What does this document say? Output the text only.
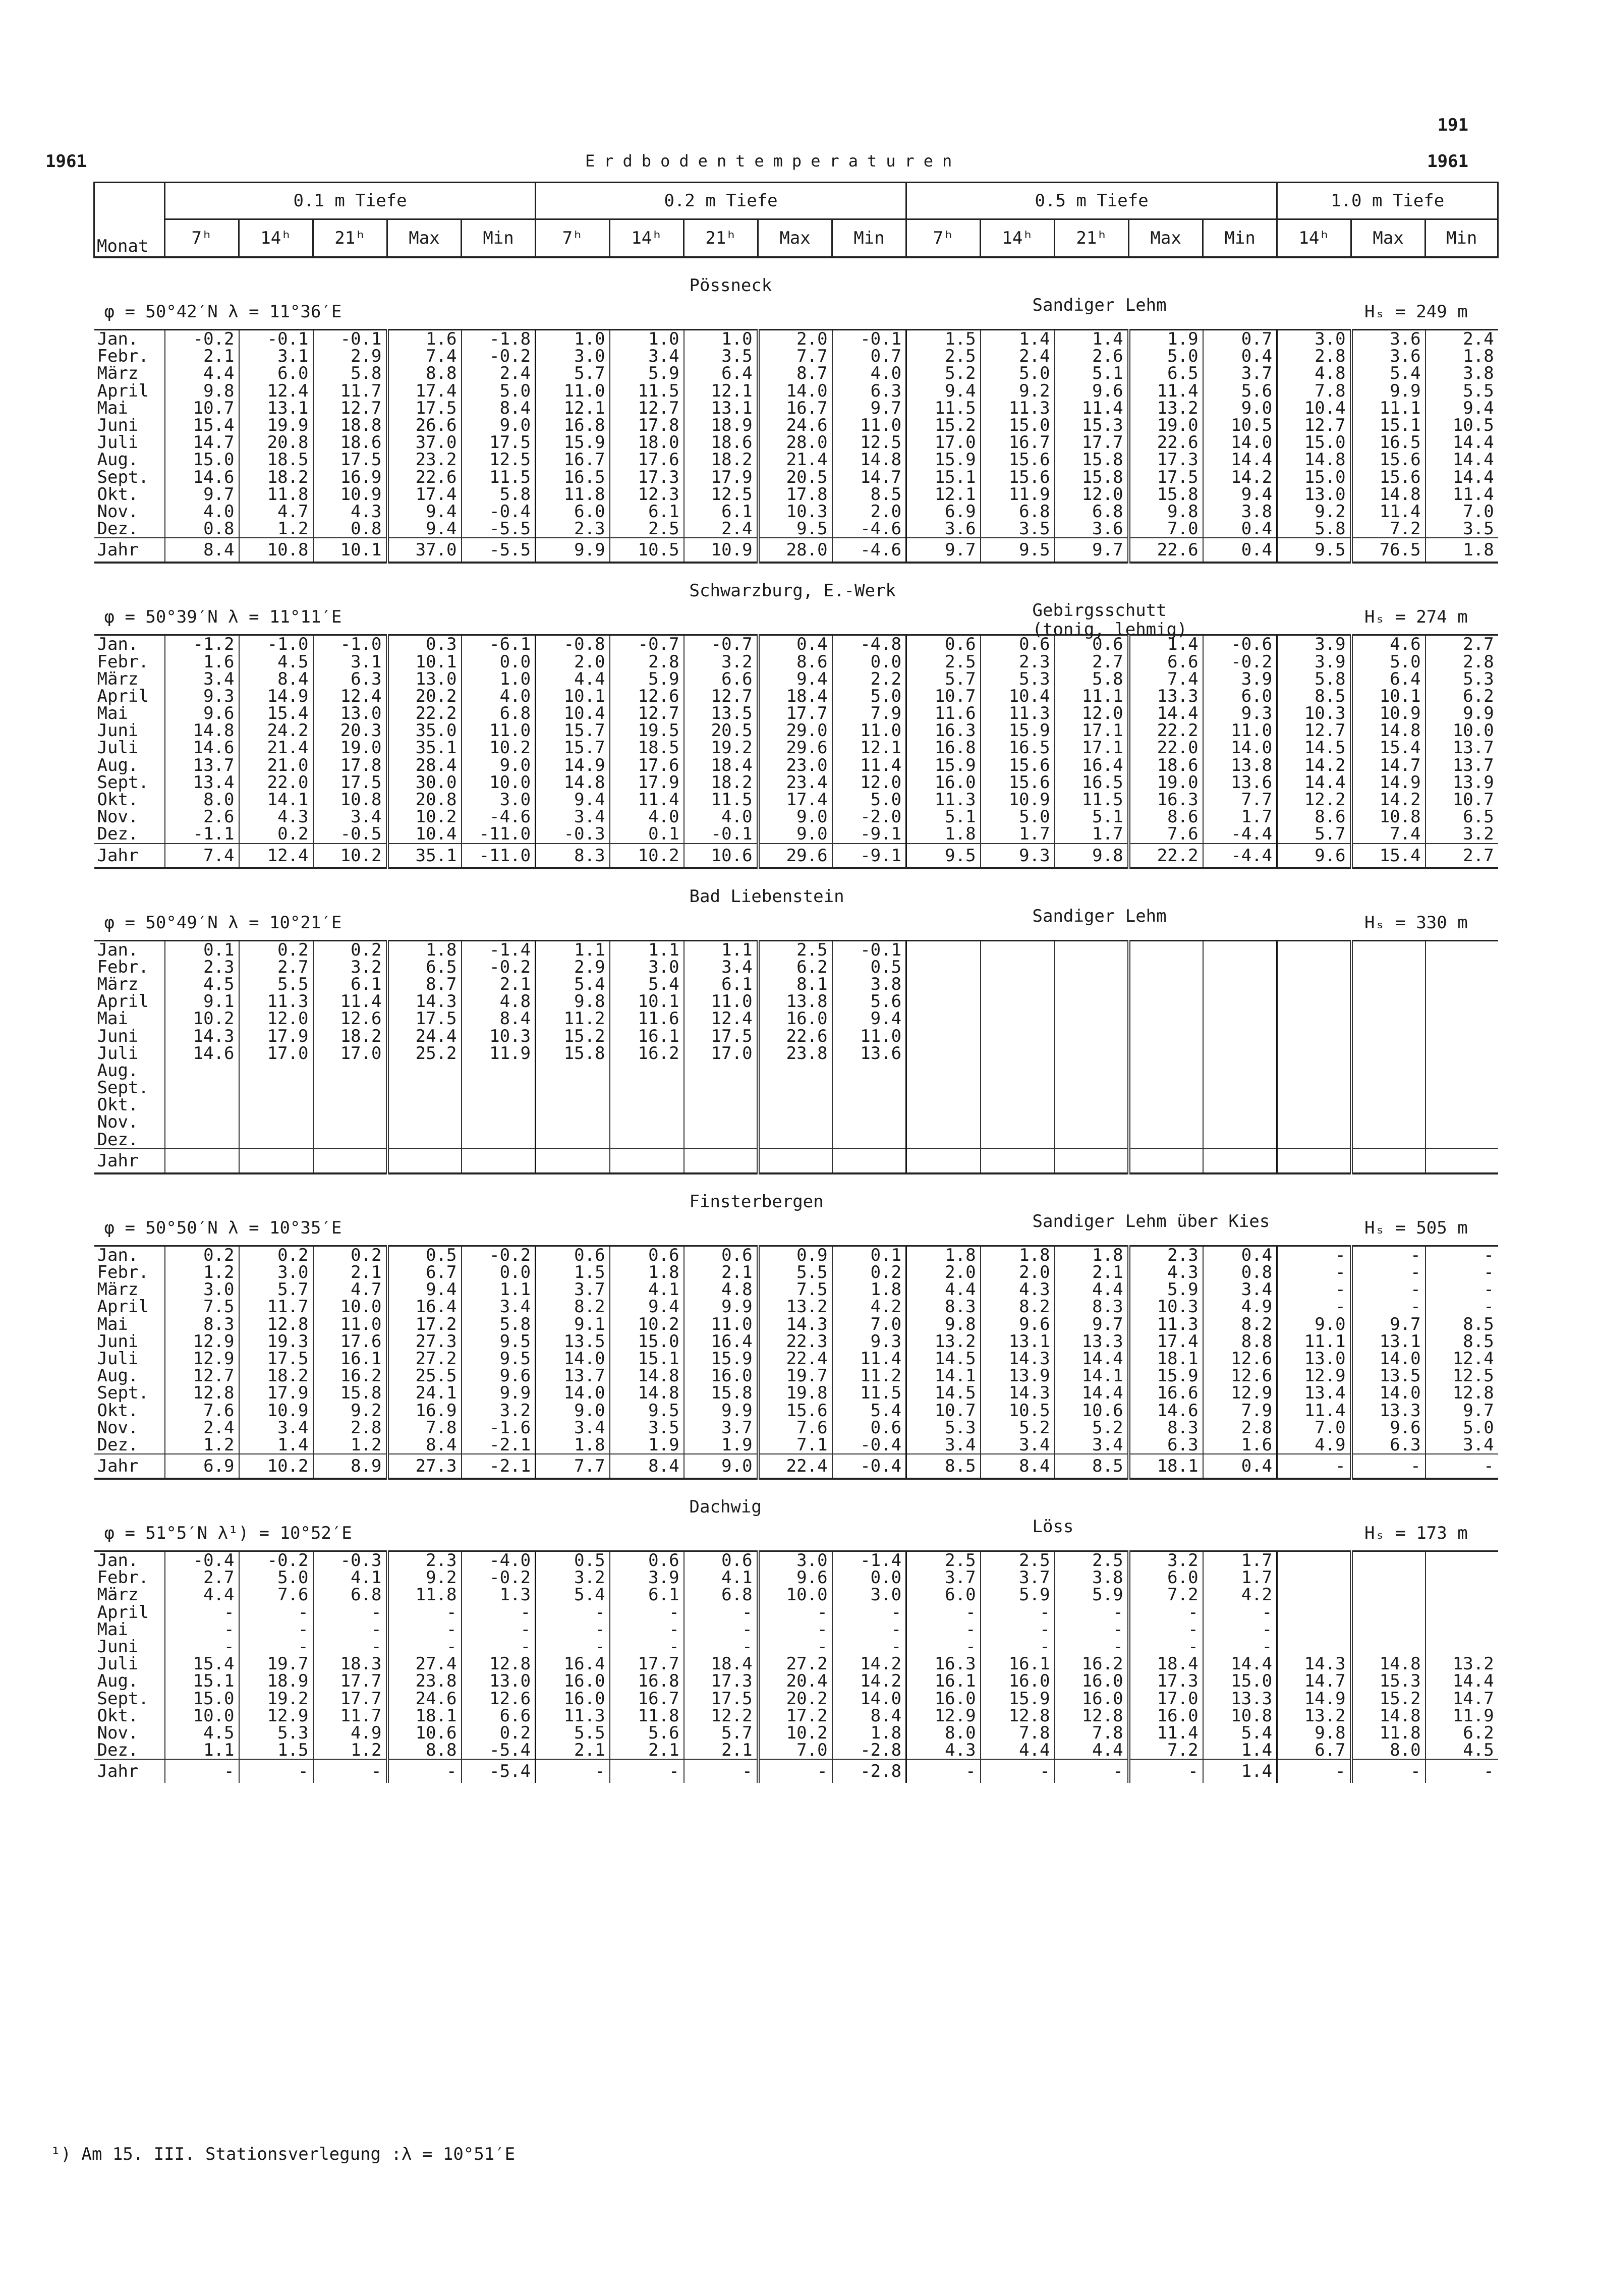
191
1961	Erdbodentemperaturen	1961
Monat	0.1 m Tiefe					0.2 m Tiefe					0.5 m Tiefe					1.0 m Tiefe		
	7ʰ	14ʰ	21ʰ	Max	Min	7ʰ	14ʰ	21ʰ	Max	Min	7ʰ	14ʰ	21ʰ	Max	Min	14ʰ	Max	Min

Pössneck
φ = 50°42′N λ = 11°36′E Sandiger Lehm Hₛ = 249 m																		

Jan.	-0.2	-0.1	-0.1	1.6	-1.8	1.0	1.0	1.0	2.0	-0.1	1.5	1.4	1.4	1.9	0.7	3.0	3.6	2.4
Febr.	2.1	3.1	2.9	7.4	-0.2	3.0	3.4	3.5	7.7	0.7	2.5	2.4	2.6	5.0	0.4	2.8	3.6	1.8
März	4.4	6.0	5.8	8.8	2.4	5.7	5.9	6.4	8.7	4.0	5.2	5.0	5.1	6.5	3.7	4.8	5.4	3.8
April	9.8	12.4	11.7	17.4	5.0	11.0	11.5	12.1	14.0	6.3	9.4	9.2	9.6	11.4	5.6	7.8	9.9	5.5
Mai	10.7	13.1	12.7	17.5	8.4	12.1	12.7	13.1	16.7	9.7	11.5	11.3	11.4	13.2	9.0	10.4	11.1	9.4
Juni	15.4	19.9	18.8	26.6	9.0	16.8	17.8	18.9	24.6	11.0	15.2	15.0	15.3	19.0	10.5	12.7	15.1	10.5
Juli	14.7	20.8	18.6	37.0	17.5	15.9	18.0	18.6	28.0	12.5	17.0	16.7	17.7	22.6	14.0	15.0	16.5	14.4
Aug.	15.0	18.5	17.5	23.2	12.5	16.7	17.6	18.2	21.4	14.8	15.9	15.6	15.8	17.3	14.4	14.8	15.6	14.4
Sept.	14.6	18.2	16.9	22.6	11.5	16.5	17.3	17.9	20.5	14.7	15.1	15.6	15.8	17.5	14.2	15.0	15.6	14.4
Okt.	9.7	11.8	10.9	17.4	5.8	11.8	12.3	12.5	17.8	8.5	12.1	11.9	12.0	15.8	9.4	13.0	14.8	11.4
Nov.	4.0	4.7	4.3	9.4	-0.4	6.0	6.1	6.1	10.3	2.0	6.9	6.8	6.8	9.8	3.8	9.2	11.4	7.0
Dez.	0.8	1.2	0.8	9.4	-5.5	2.3	2.5	2.4	9.5	-4.6	3.6	3.5	3.6	7.0	0.4	5.8	7.2	3.5
Jahr	8.4	10.8	10.1	37.0	-5.5	9.9	10.5	10.9	28.0	-4.6	9.7	9.5	9.7	22.6	0.4	9.5	76.5	1.8

Schwarzburg, E.-Werk
φ = 50°39′N λ = 11°11′E Gebirgsschutt
(tonig, lehmig)
Hₛ = 274 m																		

Jan.	-1.2	-1.0	-1.0	0.3	-6.1	-0.8	-0.7	-0.7	0.4	-4.8	0.6	0.6	0.6	1.4	-0.6	3.9	4.6	2.7
Febr.	1.6	4.5	3.1	10.1	0.0	2.0	2.8	3.2	8.6	0.0	2.5	2.3	2.7	6.6	-0.2	3.9	5.0	2.8
März	3.4	8.4	6.3	13.0	1.0	4.4	5.9	6.6	9.4	2.2	5.7	5.3	5.8	7.4	3.9	5.8	6.4	5.3
April	9.3	14.9	12.4	20.2	4.0	10.1	12.6	12.7	18.4	5.0	10.7	10.4	11.1	13.3	6.0	8.5	10.1	6.2
Mai	9.6	15.4	13.0	22.2	6.8	10.4	12.7	13.5	17.7	7.9	11.6	11.3	12.0	14.4	9.3	10.3	10.9	9.9
Juni	14.8	24.2	20.3	35.0	11.0	15.7	19.5	20.5	29.0	11.0	16.3	15.9	17.1	22.2	11.0	12.7	14.8	10.0
Juli	14.6	21.4	19.0	35.1	10.2	15.7	18.5	19.2	29.6	12.1	16.8	16.5	17.1	22.0	14.0	14.5	15.4	13.7
Aug.	13.7	21.0	17.8	28.4	9.0	14.9	17.6	18.4	23.0	11.4	15.9	15.6	16.4	18.6	13.8	14.2	14.7	13.7
Sept.	13.4	22.0	17.5	30.0	10.0	14.8	17.9	18.2	23.4	12.0	16.0	15.6	16.5	19.0	13.6	14.4	14.9	13.9
Okt.	8.0	14.1	10.8	20.8	3.0	9.4	11.4	11.5	17.4	5.0	11.3	10.9	11.5	16.3	7.7	12.2	14.2	10.7
Nov.	2.6	4.3	3.4	10.2	-4.6	3.4	4.0	4.0	9.0	-2.0	5.1	5.0	5.1	8.6	1.7	8.6	10.8	6.5
Dez.	-1.1	0.2	-0.5	10.4	-11.0	-0.3	0.1	-0.1	9.0	-9.1	1.8	1.7	1.7	7.6	-4.4	5.7	7.4	3.2
Jahr	7.4	12.4	10.2	35.1	-11.0	8.3	10.2	10.6	29.6	-9.1	9.5	9.3	9.8	22.2	-4.4	9.6	15.4	2.7

Bad Liebenstein
φ = 50°49′N λ = 10°21′E Sandiger Lehm Hₛ = 330 m																		

Jan.	0.1	0.2	0.2	1.8	-1.4	1.1	1.1	1.1	2.5	-0.1								
Febr.	2.3	2.7	3.2	6.5	-0.2	2.9	3.0	3.4	6.2	0.5								
März	4.5	5.5	6.1	8.7	2.1	5.4	5.4	6.1	8.1	3.8								
April	9.1	11.3	11.4	14.3	4.8	9.8	10.1	11.0	13.8	5.6								
Mai	10.2	12.0	12.6	17.5	8.4	11.2	11.6	12.4	16.0	9.4								
Juni	14.3	17.9	18.2	24.4	10.3	15.2	16.1	17.5	22.6	11.0								
Juli	14.6	17.0	17.0	25.2	11.9	15.8	16.2	17.0	23.8	13.6								
Aug.																		
Sept.																		
Okt.																		
Nov.																		
Dez.																		
Jahr																		

Finsterbergen
φ = 50°50′N λ = 10°35′E Sandiger Lehm über Kies Hₛ = 505 m																		

Jan.	0.2	0.2	0.2	0.5	-0.2	0.6	0.6	0.6	0.9	0.1	1.8	1.8	1.8	2.3	0.4	-	-	-
Febr.	1.2	3.0	2.1	6.7	0.0	1.5	1.8	2.1	5.5	0.2	2.0	2.0	2.1	4.3	0.8	-	-	-
März	3.0	5.7	4.7	9.4	1.1	3.7	4.1	4.8	7.5	1.8	4.4	4.3	4.4	5.9	3.4	-	-	-
April	7.5	11.7	10.0	16.4	3.4	8.2	9.4	9.9	13.2	4.2	8.3	8.2	8.3	10.3	4.9	-	-	-
Mai	8.3	12.8	11.0	17.2	5.8	9.1	10.2	11.0	14.3	7.0	9.8	9.6	9.7	11.3	8.2	9.0	9.7	8.5
Juni	12.9	19.3	17.6	27.3	9.5	13.5	15.0	16.4	22.3	9.3	13.2	13.1	13.3	17.4	8.8	11.1	13.1	8.5
Juli	12.9	17.5	16.1	27.2	9.5	14.0	15.1	15.9	22.4	11.4	14.5	14.3	14.4	18.1	12.6	13.0	14.0	12.4
Aug.	12.7	18.2	16.2	25.5	9.6	13.7	14.8	16.0	19.7	11.2	14.1	13.9	14.1	15.9	12.6	12.9	13.5	12.5
Sept.	12.8	17.9	15.8	24.1	9.9	14.0	14.8	15.8	19.8	11.5	14.5	14.3	14.4	16.6	12.9	13.4	14.0	12.8
Okt.	7.6	10.9	9.2	16.9	3.2	9.0	9.5	9.9	15.6	5.4	10.7	10.5	10.6	14.6	7.9	11.4	13.3	9.7
Nov.	2.4	3.4	2.8	7.8	-1.6	3.4	3.5	3.7	7.6	0.6	5.3	5.2	5.2	8.3	2.8	7.0	9.6	5.0
Dez.	1.2	1.4	1.2	8.4	-2.1	1.8	1.9	1.9	7.1	-0.4	3.4	3.4	3.4	6.3	1.6	4.9	6.3	3.4
Jahr	6.9	10.2	8.9	27.3	-2.1	7.7	8.4	9.0	22.4	-0.4	8.5	8.4	8.5	18.1	0.4	-	-	-

Dachwig
φ = 51°5′N λ¹) = 10°52′E Löss Hₛ = 173 m																		

Jan.	-0.4	-0.2	-0.3	2.3	-4.0	0.5	0.6	0.6	3.0	-1.4	2.5	2.5	2.5	3.2	1.7			
Febr.	2.7	5.0	4.1	9.2	-0.2	3.2	3.9	4.1	9.6	0.0	3.7	3.7	3.8	6.0	1.7			
März	4.4	7.6	6.8	11.8	1.3	5.4	6.1	6.8	10.0	3.0	6.0	5.9	5.9	7.2	4.2			
April	-	-	-	-	-	-	-	-	-	-	-	-	-	-	-			
Mai	-	-	-	-	-	-	-	-	-	-	-	-	-	-	-			
Juni	-	-	-	-	-	-	-	-	-	-	-	-	-	-	-			
Juli	15.4	19.7	18.3	27.4	12.8	16.4	17.7	18.4	27.2	14.2	16.3	16.1	16.2	18.4	14.4	14.3	14.8	13.2
Aug.	15.1	18.9	17.7	23.8	13.0	16.0	16.8	17.3	20.4	14.2	16.1	16.0	16.0	17.3	15.0	14.7	15.3	14.4
Sept.	15.0	19.2	17.7	24.6	12.6	16.0	16.7	17.5	20.2	14.0	16.0	15.9	16.0	17.0	13.3	14.9	15.2	14.7
Okt.	10.0	12.9	11.7	18.1	6.6	11.3	11.8	12.2	17.2	8.4	12.9	12.8	12.8	16.0	10.8	13.2	14.8	11.9
Nov.	4.5	5.3	4.9	10.6	0.2	5.5	5.6	5.7	10.2	1.8	8.0	7.8	7.8	11.4	5.4	9.8	11.8	6.2
Dez.	1.1	1.5	1.2	8.8	-5.4	2.1	2.1	2.1	7.0	-2.8	4.3	4.4	4.4	7.2	1.4	6.7	8.0	4.5
Jahr	-	-	-	-	-5.4	-	-	-	-	-2.8	-	-	-	-	1.4	-	-	-
¹) Am 15. III. Stationsverlegung :λ = 10°51′E
